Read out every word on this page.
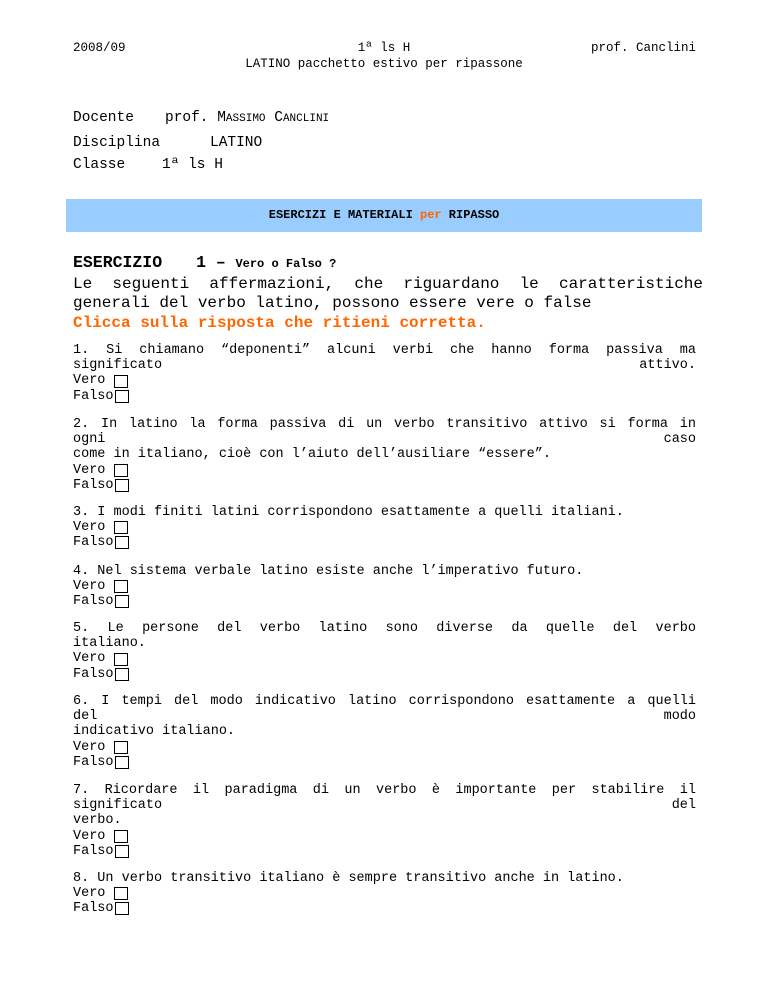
2008/09	1ª ls H
LATINO pacchetto estivo per ripassone
prof. Canclini
Docente prof. MASSIMO CANCLINI
Disciplina	LATINO
Classe	1ª ls H
ESERCIZI E MATERIALI per RIPASSO
ESERCIZIO 1 – Vero o Falso ?
Le seguenti affermazioni, che riguardano le caratteristiche
generali del verbo latino, possono essere vere o false
Clicca sulla risposta che ritieni corretta.
1. Si chiamano “deponenti” alcuni verbi che hanno forma passiva ma
significato	attivo.
Vero
Falso
2. In latino la forma passiva di un verbo transitivo attivo si forma in
ogni	caso
come in italiano, cioè con l’aiuto dell’ausiliare “essere”.
Vero
Falso
3. I modi finiti latini corrispondono esattamente a quelli italiani.
Vero
Falso
4. Nel sistema verbale latino esiste anche l’imperativo futuro.
Vero
Falso
5. Le persone del verbo latino sono diverse da quelle del verbo
italiano.
Vero
Falso
6. I tempi del modo indicativo latino corrispondono esattamente a quelli
del	modo
indicativo italiano.
Vero
Falso
7. Ricordare il paradigma di un verbo è importante per stabilire il
significato	del
verbo.
Vero
Falso
8. Un verbo transitivo italiano è sempre transitivo anche in latino.
Vero
Falso
